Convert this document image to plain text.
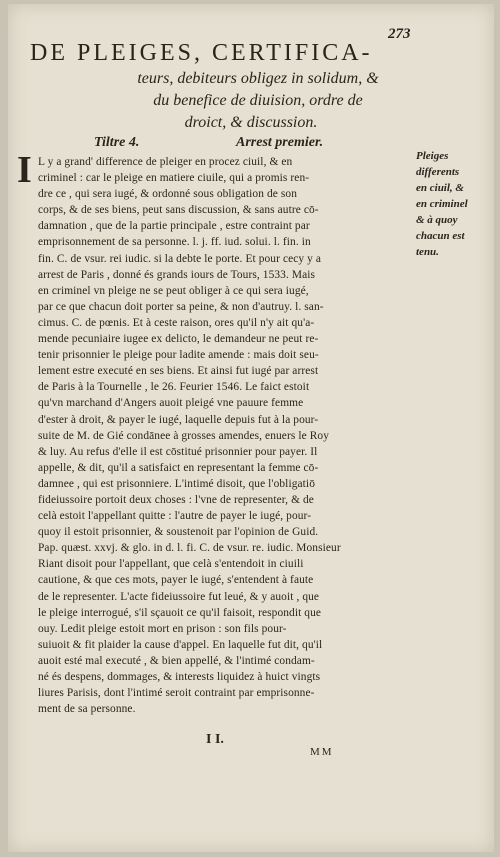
273
DE PLEIGES, CERTIFICA-
teurs, debiteurs obligez in solidum, &
du benefice de diuision, ordre de
droict, & discussion.
Tiltre 4.	Arrest premier.
I L y a grand' difference de pleiger en procez ciuil, & en
criminel : car le pleige en matiere ciuile, qui a promis ren-
dre ce , qui sera iugé, & ordonné sous obligation de son
corps, & de ses biens, peut sans discussion, & sans autre cō-
damnation , que de la partie principale , estre contraint par
emprisonnement de sa personne. l. j. ff. iud. solui. l. fin. in
fin. C. de vsur. rei iudic. si la debte le porte. Et pour cecy y a
arrest de Paris , donné és grands iours de Tours, 1533. Mais
en criminel vn pleige ne se peut obliger à ce qui sera iugé,
par ce que chacun doit porter sa peine, & non d'autruy. l. san-
cimus. C. de pœnis. Et à ceste raison, ores qu'il n'y ait qu'a-
mende pecuniaire iugee ex delicto, le demandeur ne peut re-
tenir prisonnier le pleige pour ladite amende : mais doit seu-
lement estre executé en ses biens. Et ainsi fut iugé par arrest
de Paris à la Tournelle , le 26. Feurier 1546. Le faict estoit
qu'vn marchand d'Angers auoit pleigé vne pauure femme
d'ester à droit, & payer le iugé, laquelle depuis fut à la pour-
suite de M. de Gié condānee à grosses amendes, enuers le Roy
& luy. Au refus d'elle il est cōstitué prisonnier pour payer. Il
appelle, & dit, qu'il a satisfaict en representant la femme cō-
damnee , qui est prisonniere. L'intimé disoit, que l'obligatiō
fideiussoire portoit deux choses : l'vne de representer, & de
celà estoit l'appellant quitte : l'autre de payer le iugé, pour-
quoy il estoit prisonnier, & soustenoit par l'opinion de Guid.
Pap. quæst. xxvj. & glo. in d. l. fi. C. de vsur. re. iudic. Monsieur
Riant disoit pour l'appellant, que celà s'entendoit in ciuili
cautione, & que ces mots, payer le iugé, s'entendent à faute
de le representer. L'acte fideiussoire fut leué, & y auoit , que
le pleige interrogué, s'il sçauoit ce qu'il faisoit, respondit que
ouy. Ledit pleige estoit mort en prison : son fils pour-
suiuoit & fit plaider la cause d'appel. En laquelle fut dit, qu'il
auoit esté mal executé , & bien appellé, & l'intimé condam-
né és despens, dommages, & interests liquidez à huict vingts
liures Parisis, dont l'intimé seroit contraint par emprisonne-
ment de sa personne.
Pleiges
differents
en ciuil, &
en criminel
& à quoy
chacun est
tenu.
I I.
MM
